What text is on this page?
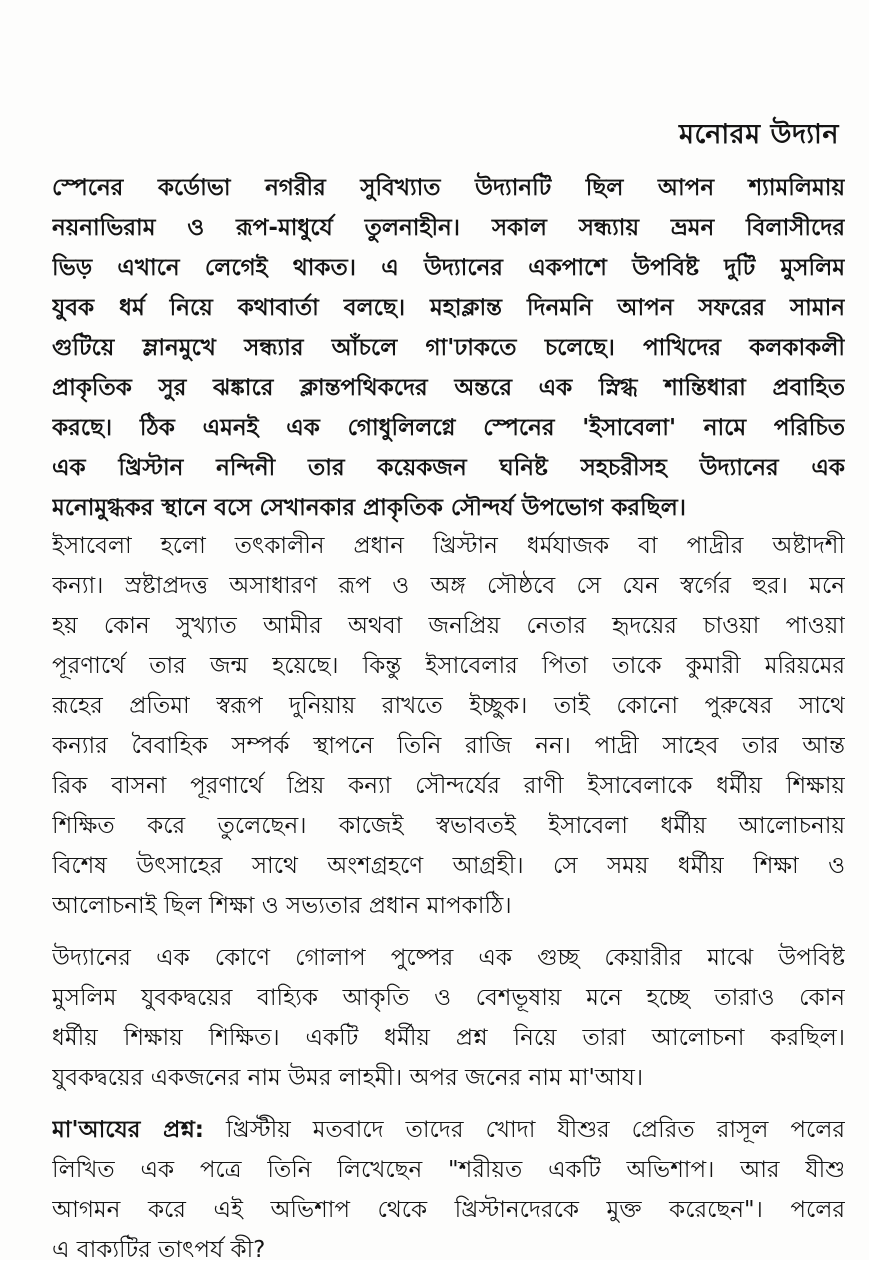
মনোরম উদ্যান
স্পেনের কর্ডোভা নগরীর সুবিখ্যাত উদ্যানটি ছিল আপন শ্যামলিমায়
নয়নাভিরাম ও রূপ-মাধুর্যে তুলনাহীন। সকাল সন্ধ্যায় ভ্রমন বিলাসীদের
ভিড় এখানে লেগেই থাকত। এ উদ্যানের একপাশে উপবিষ্ট দুটি মুসলিম
যুবক ধর্ম নিয়ে কথাবার্তা বলছে। মহাক্লান্ত দিনমনি আপন সফরের সামান
গুটিয়ে ম্লানমুখে সন্ধ্যার আঁচলে গা'ঢাকতে চলেছে। পাখিদের কলকাকলী
প্রাকৃতিক সুর ঝঙ্কারে ক্লান্তপথিকদের অন্তরে এক স্নিগ্ধ শান্তিধারা প্রবাহিত
করছে। ঠিক এমনই এক গোধুলিলগ্নে স্পেনের 'ইসাবেলা' নামে পরিচিত
এক খ্রিস্টান নন্দিনী তার কয়েকজন ঘনিষ্ট সহচরীসহ উদ্যানের এক
মনোমুগ্ধকর স্থানে বসে সেখানকার প্রাকৃতিক সৌন্দর্য উপভোগ করছিল।
ইসাবেলা হলো তৎকালীন প্রধান খ্রিস্টান ধর্মযাজক বা পাদ্রীর অষ্টাদশী
কন্যা। স্রষ্টাপ্রদত্ত অসাধারণ রূপ ও অঙ্গ সৌষ্ঠবে সে যেন স্বর্গের হুর। মনে
হয় কোন সুখ্যাত আমীর অথবা জনপ্রিয় নেতার হৃদয়ের চাওয়া পাওয়া
পূরণার্থে তার জন্ম হয়েছে। কিন্তু ইসাবেলার পিতা তাকে কুমারী মরিয়মের
রূহের প্রতিমা স্বরূপ দুনিয়ায় রাখতে ইচ্ছুক। তাই কোনো পুরুষের সাথে
কন্যার বৈবাহিক সম্পর্ক স্থাপনে তিনি রাজি নন। পাদ্রী সাহেব তার আন্ত
রিক বাসনা পূরণার্থে প্রিয় কন্যা সৌন্দর্যের রাণী ইসাবেলাকে ধর্মীয় শিক্ষায়
শিক্ষিত করে তুলেছেন। কাজেই স্বভাবতই ইসাবেলা ধর্মীয় আলোচনায়
বিশেষ উৎসাহের সাথে অংশগ্রহণে আগ্রহী। সে সময় ধর্মীয় শিক্ষা ও
আলোচনাই ছিল শিক্ষা ও সভ্যতার প্রধান মাপকাঠি।
উদ্যানের এক কোণে গোলাপ পুষ্পের এক গুচ্ছ কেয়ারীর মাঝে উপবিষ্ট
মুসলিম যুবকদ্বয়ের বাহ্যিক আকৃতি ও বেশভূষায় মনে হচ্ছে তারাও কোন
ধর্মীয় শিক্ষায় শিক্ষিত। একটি ধর্মীয় প্রশ্ন নিয়ে তারা আলোচনা করছিল।
যুবকদ্বয়ের একজনের নাম উমর লাহমী। অপর জনের নাম মা'আয।
মা'আযের প্রশ্ন: খ্রিস্টীয় মতবাদে তাদের খোদা যীশুর প্রেরিত রাসূল পলের
লিখিত এক পত্রে তিনি লিখেছেন "শরীয়ত একটি অভিশাপ। আর যীশু
আগমন করে এই অভিশাপ থেকে খ্রিস্টানদেরকে মুক্ত করেছেন"। পলের
এ বাক্যটির তাৎপর্য কী?
